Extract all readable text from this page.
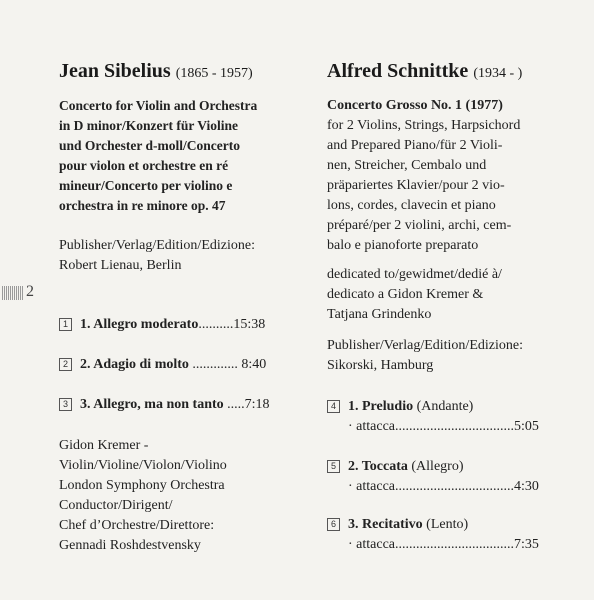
2
Jean Sibelius (1865 - 1957)
Concerto for Violin and Orchestra
in D minor/Konzert für Violine
und Orchester d-moll/Concerto
pour violon et orchestre en ré
mineur/Concerto per violino e
orchestra in re minore op. 47
Publisher/Verlag/Edition/Edizione:
Robert Lienau, Berlin
1 1. Allegro moderato..........15:38
2 2. Adagio di molto ............. 8:40
3 3. Allegro, ma non tanto .....7:18
Gidon Kremer -
Violin/Violine/Violon/Violino
London Symphony Orchestra
Conductor/Dirigent/
Chef d’Orchestre/Direttore:
Gennadi Roshdestvensky
Alfred Schnittke (1934 - )
Concerto Grosso No. 1 (1977)
for 2 Violins, Strings, Harpsichord
and Prepared Piano/für 2 Violi-
nen, Streicher, Cembalo und
präpariertes Klavier/pour 2 vio-
lons, cordes, clavecin et piano
préparé/per 2 violini, archi, cem-
balo e pianoforte preparato
dedicated to/gewidmet/dedié à/
dedicato a Gidon Kremer &
Tatjana Grindenko
Publisher/Verlag/Edition/Edizione:
Sikorski, Hamburg
4 1. Preludio (Andante)
· attacca..................................5:05
5 2. Toccata (Allegro)
· attacca..................................4:30
6 3. Recitativo (Lento)
· attacca..................................7:35
